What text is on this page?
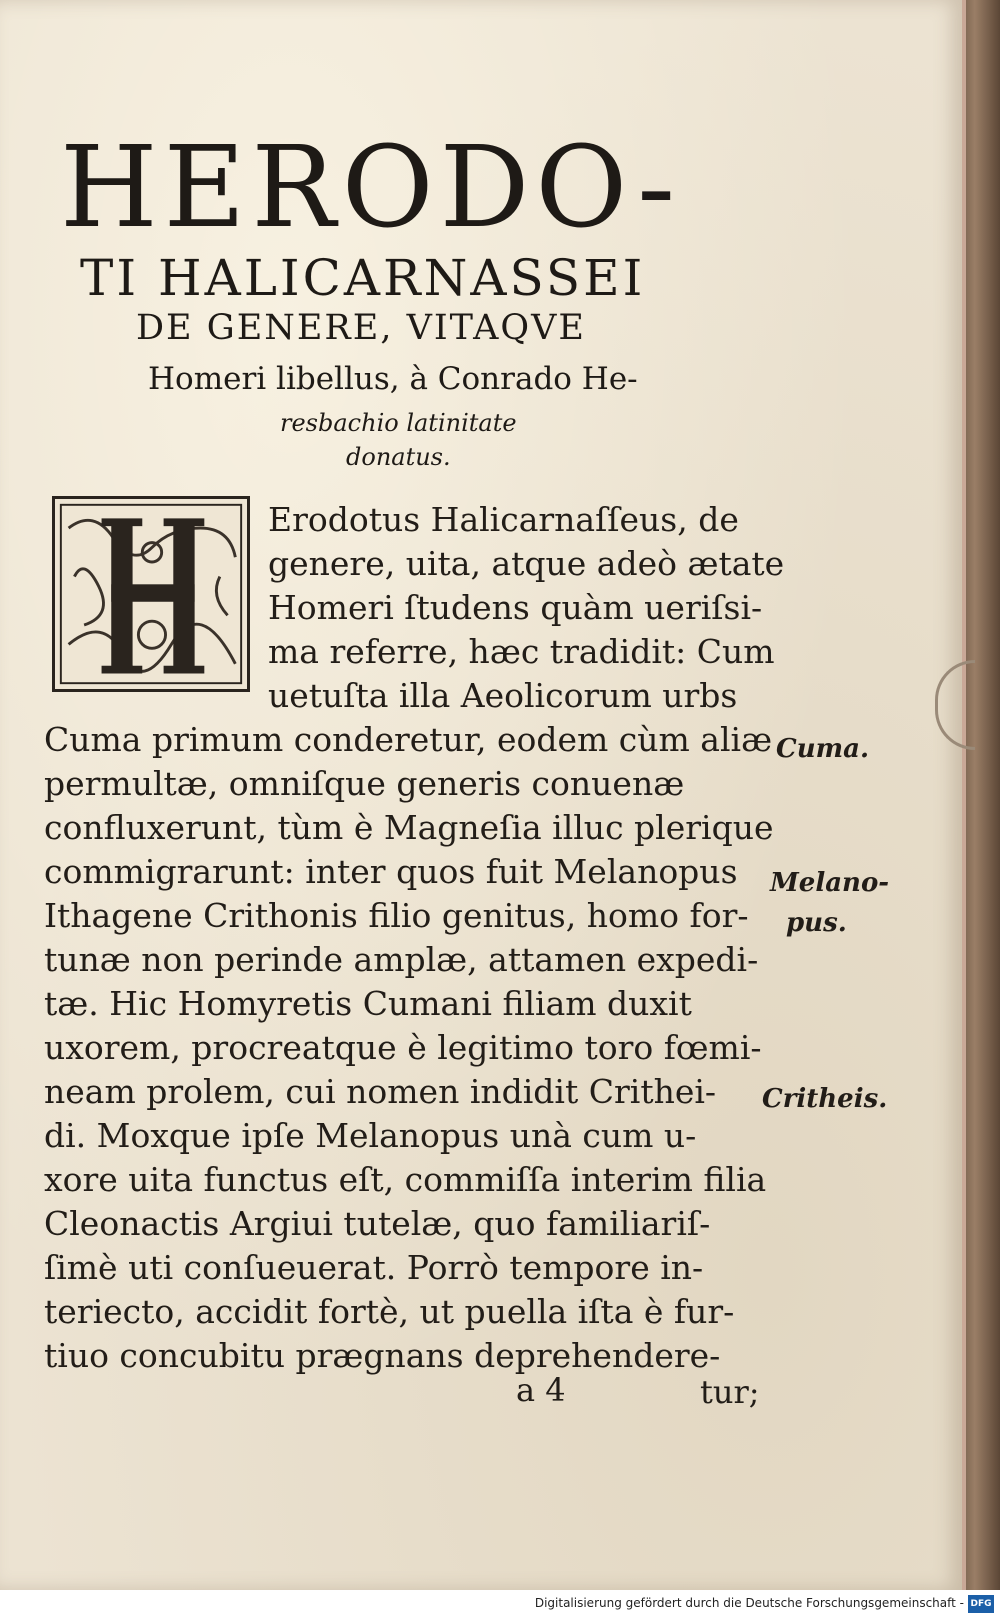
HERODO-
TI HALICARNASSEI
DE GENERE, VITAQVE
Homeri libellus, à Conrado He-
resbachio latinitate
donatus.
Erodotus Halicarnaſſeus, de
genere, uita, atque adeò ætate
Homeri ſtudens quàm ueriſsi-
ma referre, hæc tradidit: Cum
uetuſta illa Aeolicorum urbs
Cuma primum conderetur, eodem cùm aliæ
permultæ, omniſque generis conuenæ
confluxerunt, tùm è Magneſia illuc pleriquе
commigrarunt: inter quos fuit Melanopus
Ithagene Crithonis filio genitus, homo for-
tunæ non perinde amplæ, attamen expedi-
tæ. Hic Homyretis Cumani filiam duxit
uxorem, procreatque è legitimo toro fœmi-
neam prolem, cui nomen indidit Crithei-
di. Moxque ipſe Melanopus unà cum u-
xore uita functus eſt, commiſſa interim filia
Cleonactis Argiui tutelæ, quo familiariſ-
ſimè uti conſueuerat. Porrò tempore in-
teriecto, accidit fortè, ut puella iſta è fur-
tiuo concubitu prægnans deprehendere-
Cuma.
Melano-
pus.
Critheis.
a 4	tur;
Digitalisierung gefördert durch die Deutsche Forschungsgemeinschaft - DFG
